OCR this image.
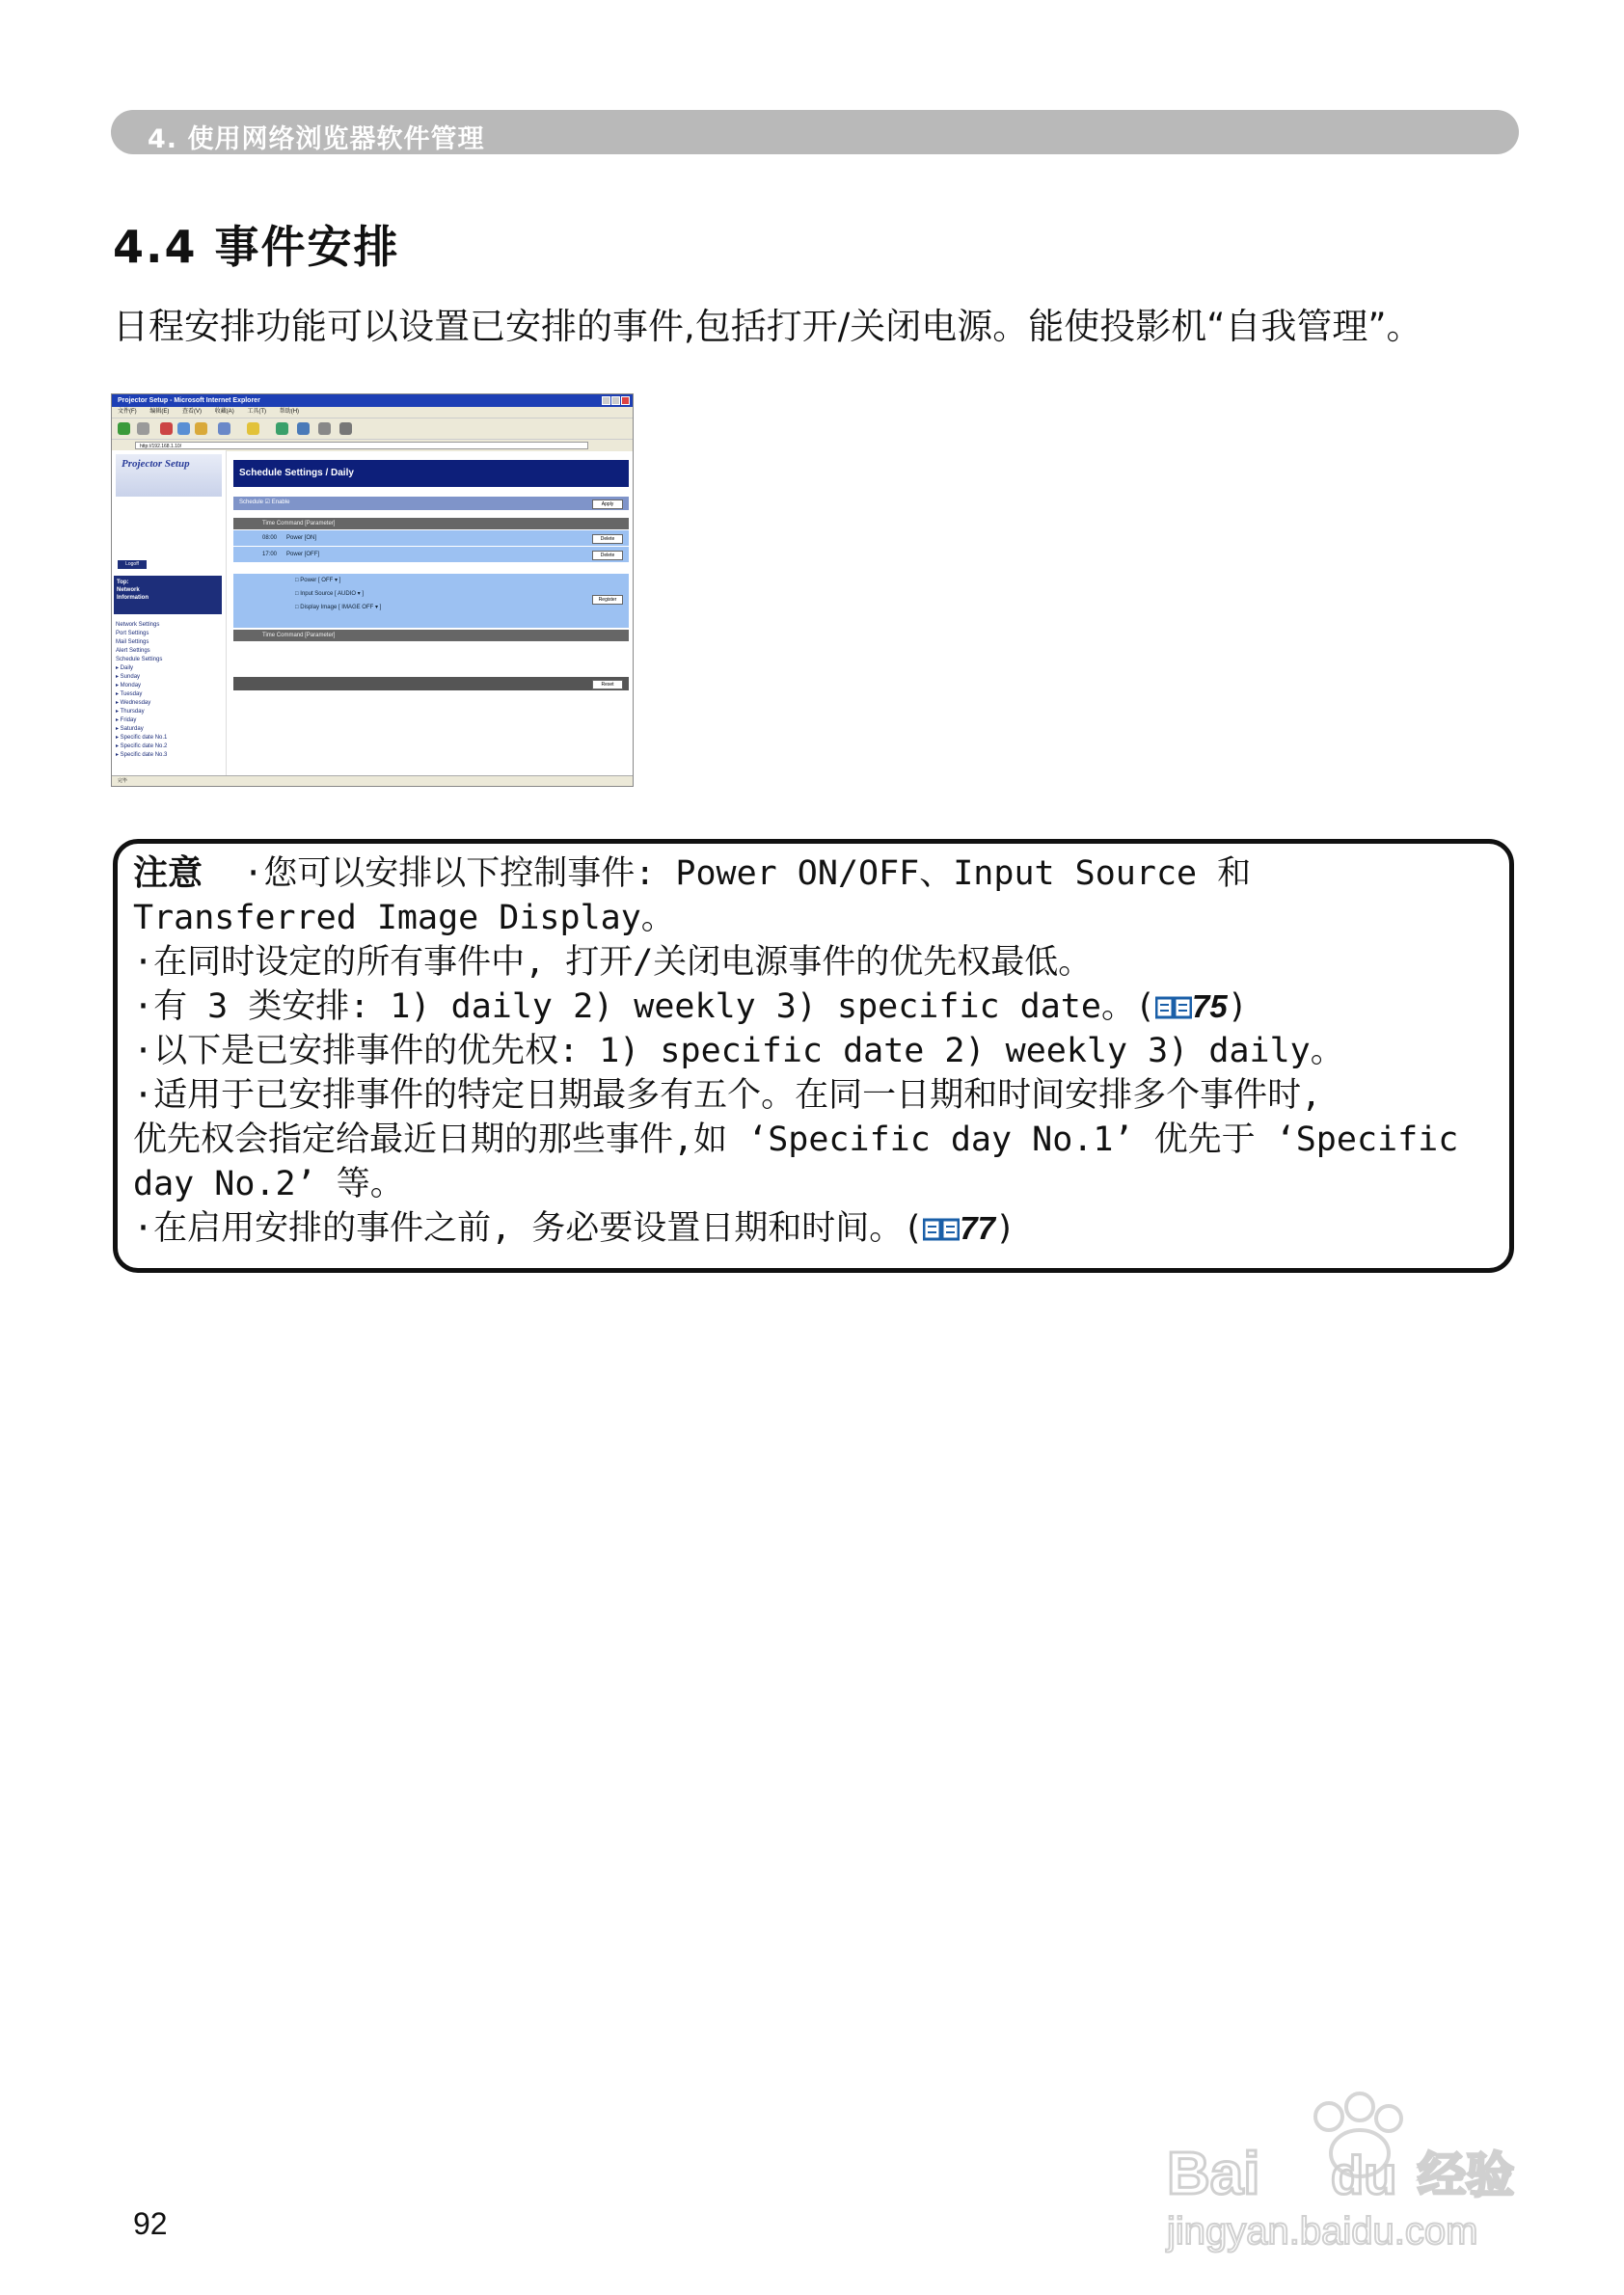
4. 使用网络浏览器软件管理
4.4 事件安排
日程安排功能可以设置已安排的事件,包括打开/关闭电源。能使投影机“自我管理”。
Projector Setup - Microsoft Internet Explorer
文件(F) 编辑(E) 查看(V) 收藏(A) 工具(T) 帮助(H)
http://192.168.1.10/
Projector Setup
Logoff
Top:
Network
Information
Network Settings
Port Settings
Mail Settings
Alert Settings
Schedule Settings
▸ Daily
▸ Sunday
▸ Monday
▸ Tuesday
▸ Wednesday
▸ Thursday
▸ Friday
▸ Saturday
▸ Specific date No.1
▸ Specific date No.2
▸ Specific date No.3
Schedule Settings / Daily
Schedule ☑ Enable	Apply
Time Command [Parameter]
08:00 Power [ON]	Delete
17:00 Power [OFF]	Delete
□ Power [ OFF ▾ ]
□ Input Source [ AUDIO ▾ ]
□ Display Image [ IMAGE OFF ▾ ]
Register
Time Command [Parameter]
Reset
完毕
注意  ·您可以安排以下控制事件: Power ON/OFF、Input Source 和
Transferred Image Display。
·在同时设定的所有事件中, 打开/关闭电源事件的优先权最低。
·有 3 类安排: 1) daily 2) weekly 3) specific date。( 75)
·以下是已安排事件的优先权: 1) specific date 2) weekly 3) daily。
·适用于已安排事件的特定日期最多有五个。在同一日期和时间安排多个事件时,
优先权会指定给最近日期的那些事件,如 ‘Specific day No.1’ 优先于 ‘Specific
day No.2’ 等。
·在启用安排的事件之前, 务必要设置日期和时间。( 77)
92
Bai du 经验
jingyan.baidu.com
